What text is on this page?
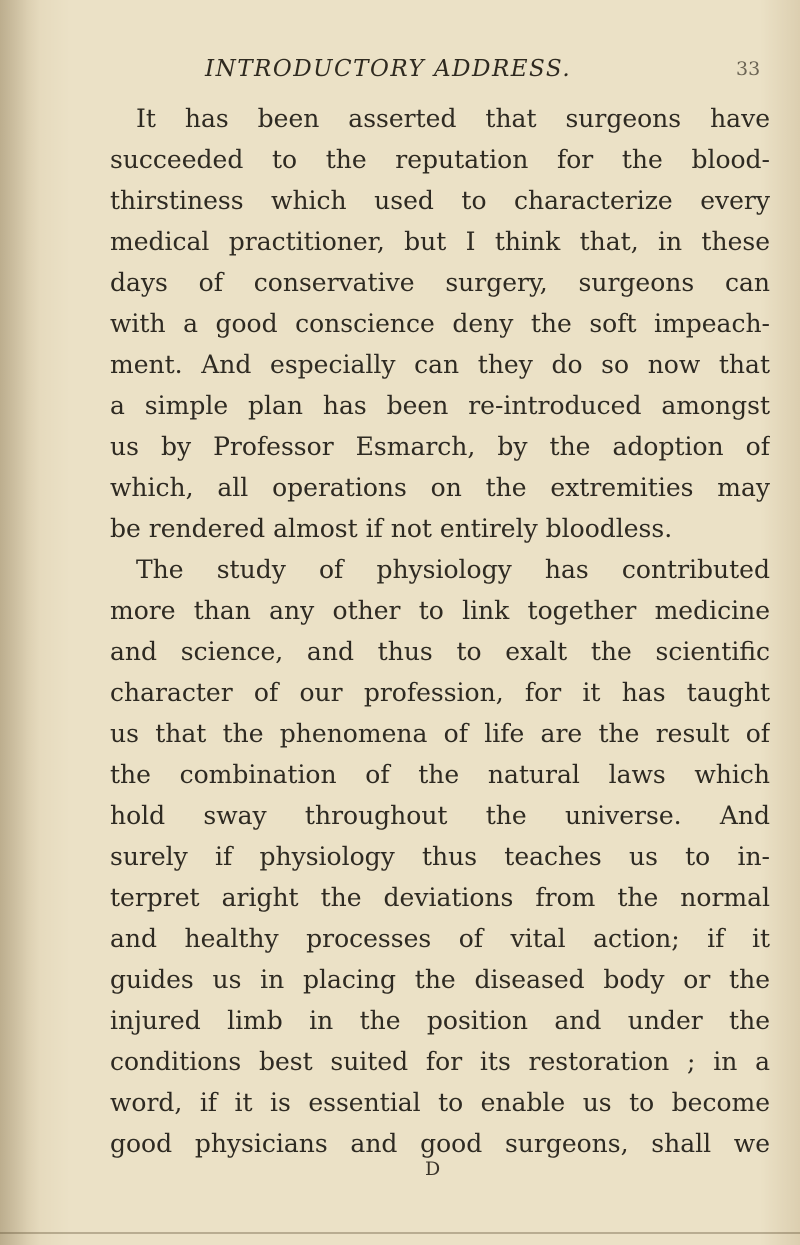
INTRODUCTORY ADDRESS.	33
It has been asserted that surgeons have
succeeded to the reputation for the blood-
thirstiness which used to characterize every
medical practitioner, but I think that, in these
days of conservative surgery, surgeons can
with a good conscience deny the soft impeach-
ment. And especially can they do so now that
a simple plan has been re-introduced amongst
us by Professor Esmarch, by the adoption of
which, all operations on the extremities may
be rendered almost if not entirely bloodless.
The study of physiology has contributed
more than any other to link together medicine
and science, and thus to exalt the scientific
character of our profession, for it has taught
us that the phenomena of life are the result of
the combination of the natural laws which
hold sway throughout the universe. And
surely if physiology thus teaches us to in-
terpret aright the deviations from the normal
and healthy processes of vital action; if it
guides us in placing the diseased body or the
injured limb in the position and under the
conditions best suited for its restoration ; in a
word, if it is essential to enable us to become
good physicians and good surgeons, shall we
D
